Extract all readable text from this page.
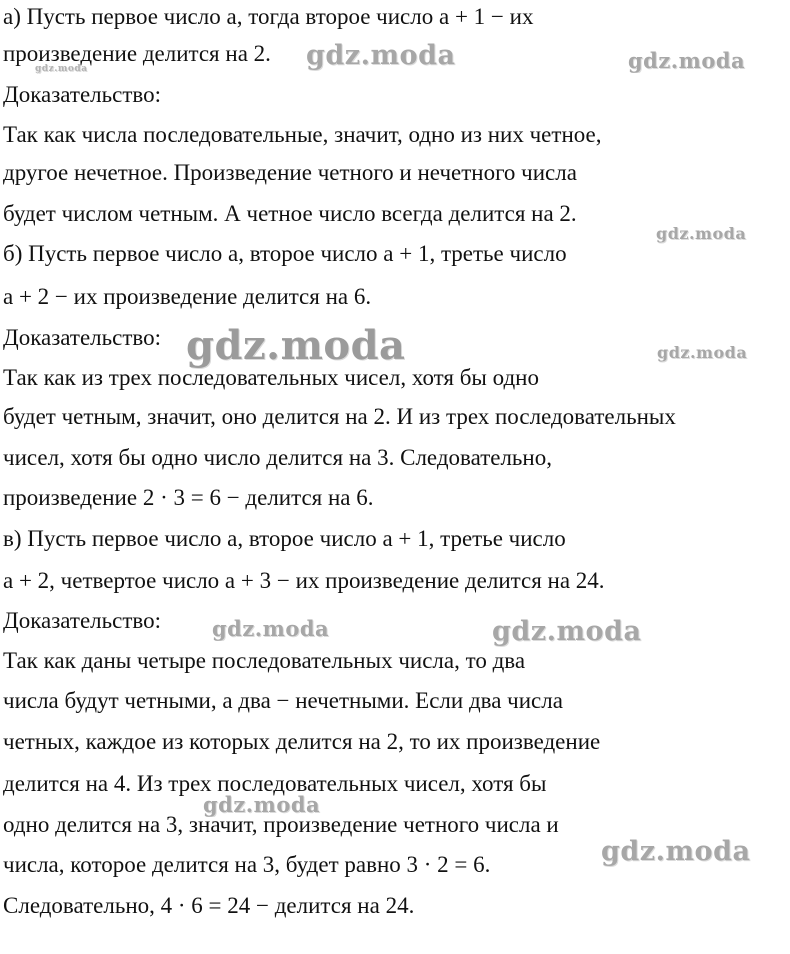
а) Пусть первое число a, тогда второе число a + 1 − их
произведение делится на 2.
Доказательство:
Так как числа последовательные, значит, одно из них четное,
другое нечетное. Произведение четного и нечетного числа
будет числом четным. А четное число всегда делится на 2.
б) Пусть первое число a, второе число a + 1, третье число
a + 2 − их произведение делится на 6.
Доказательство:
Так как из трех последовательных чисел, хотя бы одно
будет четным, значит, оно делится на 2. И из трех последовательных
чисел, хотя бы одно число делится на 3. Следовательно,
произведение 2 · 3 = 6 − делится на 6.
в) Пусть первое число a, второе число a + 1, третье число
a + 2, четвертое число a + 3 − их произведение делится на 24.
Доказательство:
Так как даны четыре последовательных числа, то два
числа будут четными, а два − нечетными. Если два числа
четных, каждое из которых делится на 2, то их произведение
делится на 4. Из трех последовательных чисел, хотя бы
одно делится на 3, значит, произведение четного числа и
числа, которое делится на 3, будет равно 3 · 2 = 6.
Следовательно, 4 · 6 = 24 − делится на 24.
gdz.moda	gdz.moda
gdz.moda
gdz.moda
gdz.moda	gdz.moda
gdz.moda	gdz.moda
gdz.moda
gdz.moda
